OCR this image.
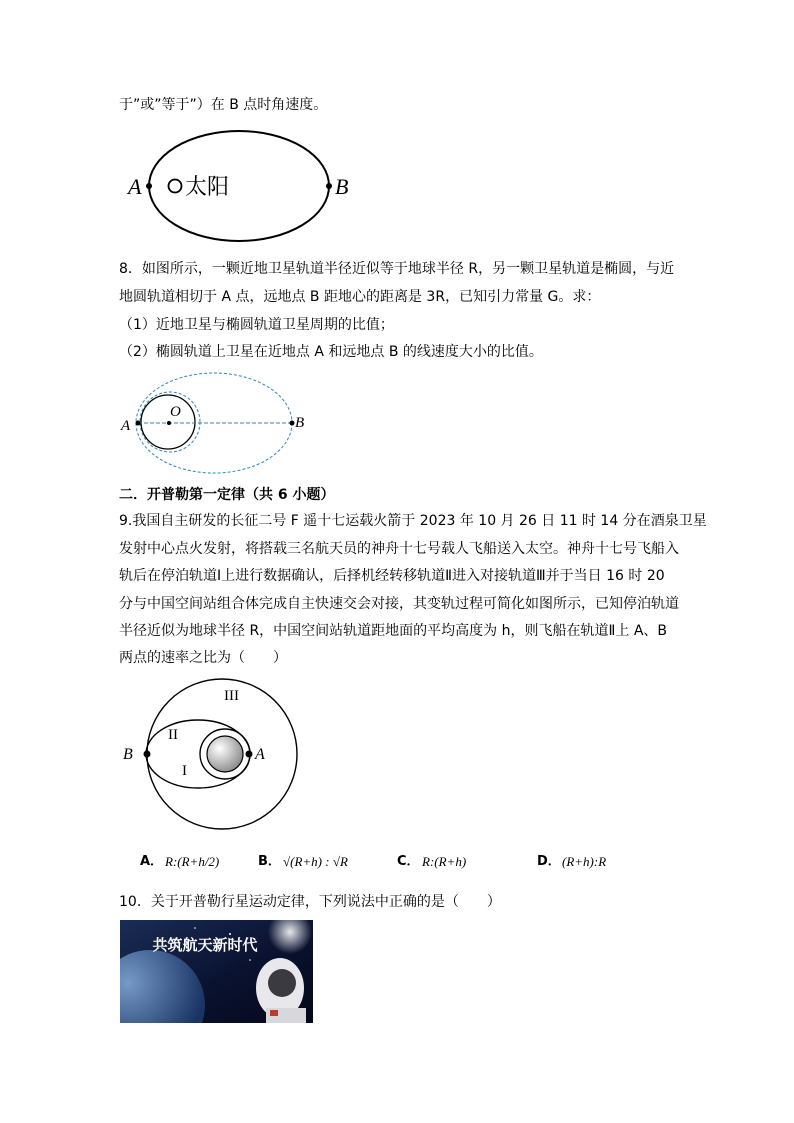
于”或”等于”）在 B 点时角速度。
A 太阳	B
8．如图所示，一颗近地卫星轨道半径近似等于地球半径 R，另一颗卫星轨道是椭圆，与近
地圆轨道相切于 A 点，远地点 B 距地心的距离是 3R，已知引力常量 G。求：
（1）近地卫星与椭圆轨道卫星周期的比值；
（2）椭圆轨道上卫星在近地点 A 和远地点 B 的线速度大小的比值。
A
O
B
二．开普勒第一定律（共 6 小题）
9.我国自主研发的长征二号 F 遥十七运载火箭于 2023 年 10 月 26 日 11 时 14 分在酒泉卫星
发射中心点火发射，将搭载三名航天员的神舟十七号载人飞船送入太空。神舟十七号飞船入
轨后在停泊轨道Ⅰ上进行数据确认，后择机经转移轨道Ⅱ进入对接轨道Ⅲ并于当日 16 时 20
分与中国空间站组合体完成自主快速交会对接，其变轨过程可简化如图所示，已知停泊轨道
半径近似为地球半径 R，中国空间站轨道距地面的平均高度为 h，则飞船在轨道Ⅱ上 A、B
两点的速率之比为（　　）
III
II
I
B	A
A． R:(R+h/2)	B． √(R+h) : √R	C． R:(R+h)	D． (R+h):R
10．关于开普勒行星运动定律，下列说法中正确的是（　　）
共筑航天新时代
